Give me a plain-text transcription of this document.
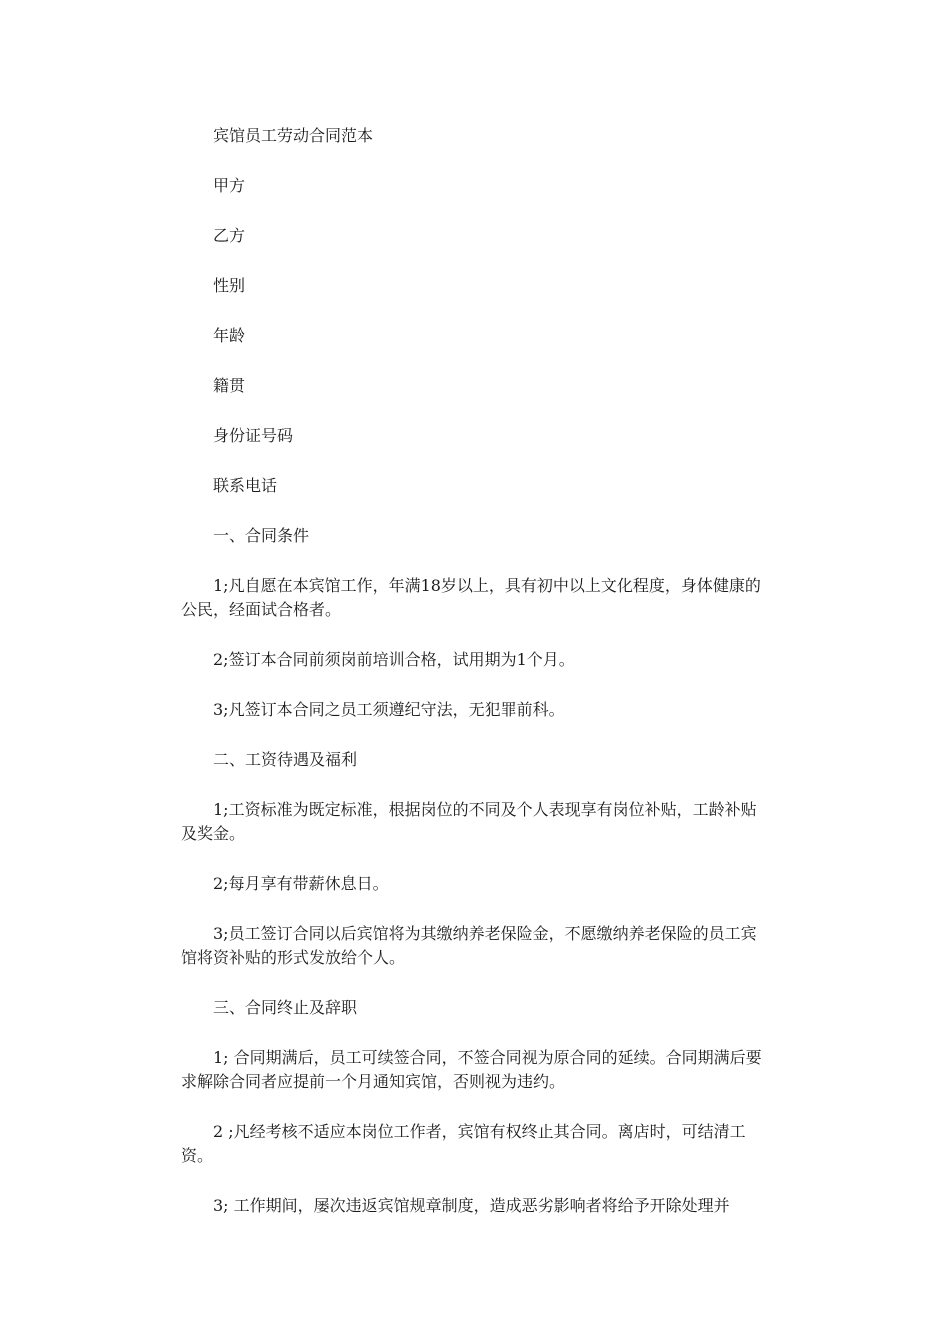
宾馆员工劳动合同范本

甲方

乙方

性别

年龄

籍贯

身份证号码

联系电话

一、合同条件

1;凡自愿在本宾馆工作，年满18岁以上，具有初中以上文化程度，身体健康的公民，经面试合格者。

2;签订本合同前须岗前培训合格，试用期为1个月。

3;凡签订本合同之员工须遵纪守法，无犯罪前科。

二、工资待遇及福利

1;工资标准为既定标准，根据岗位的不同及个人表现享有岗位补贴，工龄补贴及奖金。

2;每月享有带薪休息日。

3;员工签订合同以后宾馆将为其缴纳养老保险金，不愿缴纳养老保险的员工宾馆将资补贴的形式发放给个人。

三、合同终止及辞职

1; 合同期满后，员工可续签合同，不签合同视为原合同的延续。合同期满后要求解除合同者应提前一个月通知宾馆，否则视为违约。

2 ;凡经考核不适应本岗位工作者，宾馆有权终止其合同。离店时，可结清工资。

3; 工作期间，屡次违返宾馆规章制度，造成恶劣影响者将给予开除处理并
